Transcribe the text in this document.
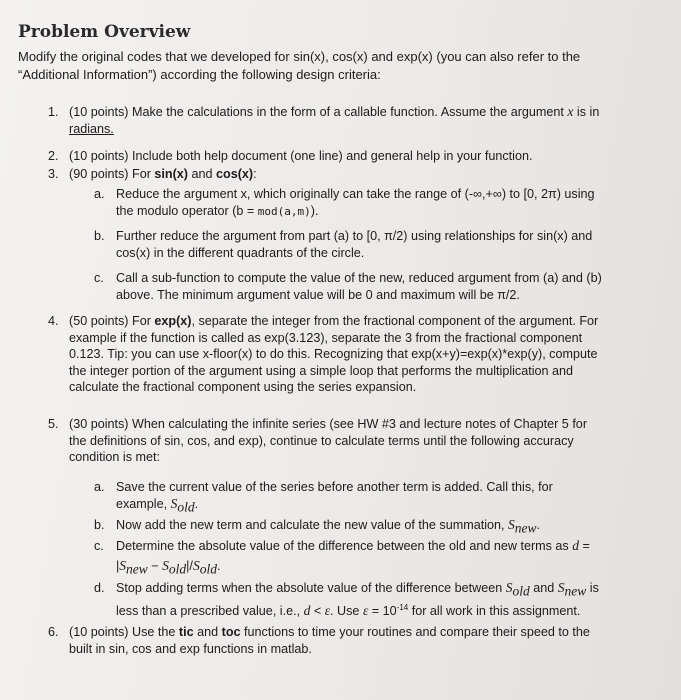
Problem Overview
Modify the original codes that we developed for sin(x), cos(x) and exp(x) (you can also refer to the “Additional Information”) according the following design criteria:
1. (10 points) Make the calculations in the form of a callable function. Assume the argument x is in
radians.
2. (10 points) Include both help document (one line) and general help in your function.
3. (90 points) For sin(x) and cos(x):
a. Reduce the argument x, which originally can take the range of (-∞,+∞) to [0, 2π) using
the modulo operator (b = mod(a,m)).
b. Further reduce the argument from part (a) to [0, π/2) using relationships for sin(x) and
cos(x) in the different quadrants of the circle.
c. Call a sub-function to compute the value of the new, reduced argument from (a) and (b)
above. The minimum argument value will be 0 and maximum will be π/2.
4. (50 points) For exp(x), separate the integer from the fractional component of the argument. For
example if the function is called as exp(3.123), separate the 3 from the fractional component
0.123. Tip: you can use x-floor(x) to do this. Recognizing that exp(x+y)=exp(x)*exp(y), compute
the integer portion of the argument using a simple loop that performs the multiplication and
calculate the fractional component using the series expansion.
5. (30 points) When calculating the infinite series (see HW #3 and lecture notes of Chapter 5 for
the definitions of sin, cos, and exp), continue to calculate terms until the following accuracy
condition is met:
a. Save the current value of the series before another term is added. Call this, for
example, $S_{old}$.
b. Now add the new term and calculate the new value of the summation, $S_{new}$.
c. Determine the absolute value of the difference between the old and new terms as d =
$|S_{new} - S_{old}|/S_{old}$.
d. Stop adding terms when the absolute value of the difference between $S_{old}$ and $S_{new}$ is
less than a prescribed value, i.e., d < ε. Use $\varepsilon = 10^{-14}$ for all work in this assignment.
6. (10 points) Use the tic and toc functions to time your routines and compare their speed to the
built in sin, cos and exp functions in matlab.
